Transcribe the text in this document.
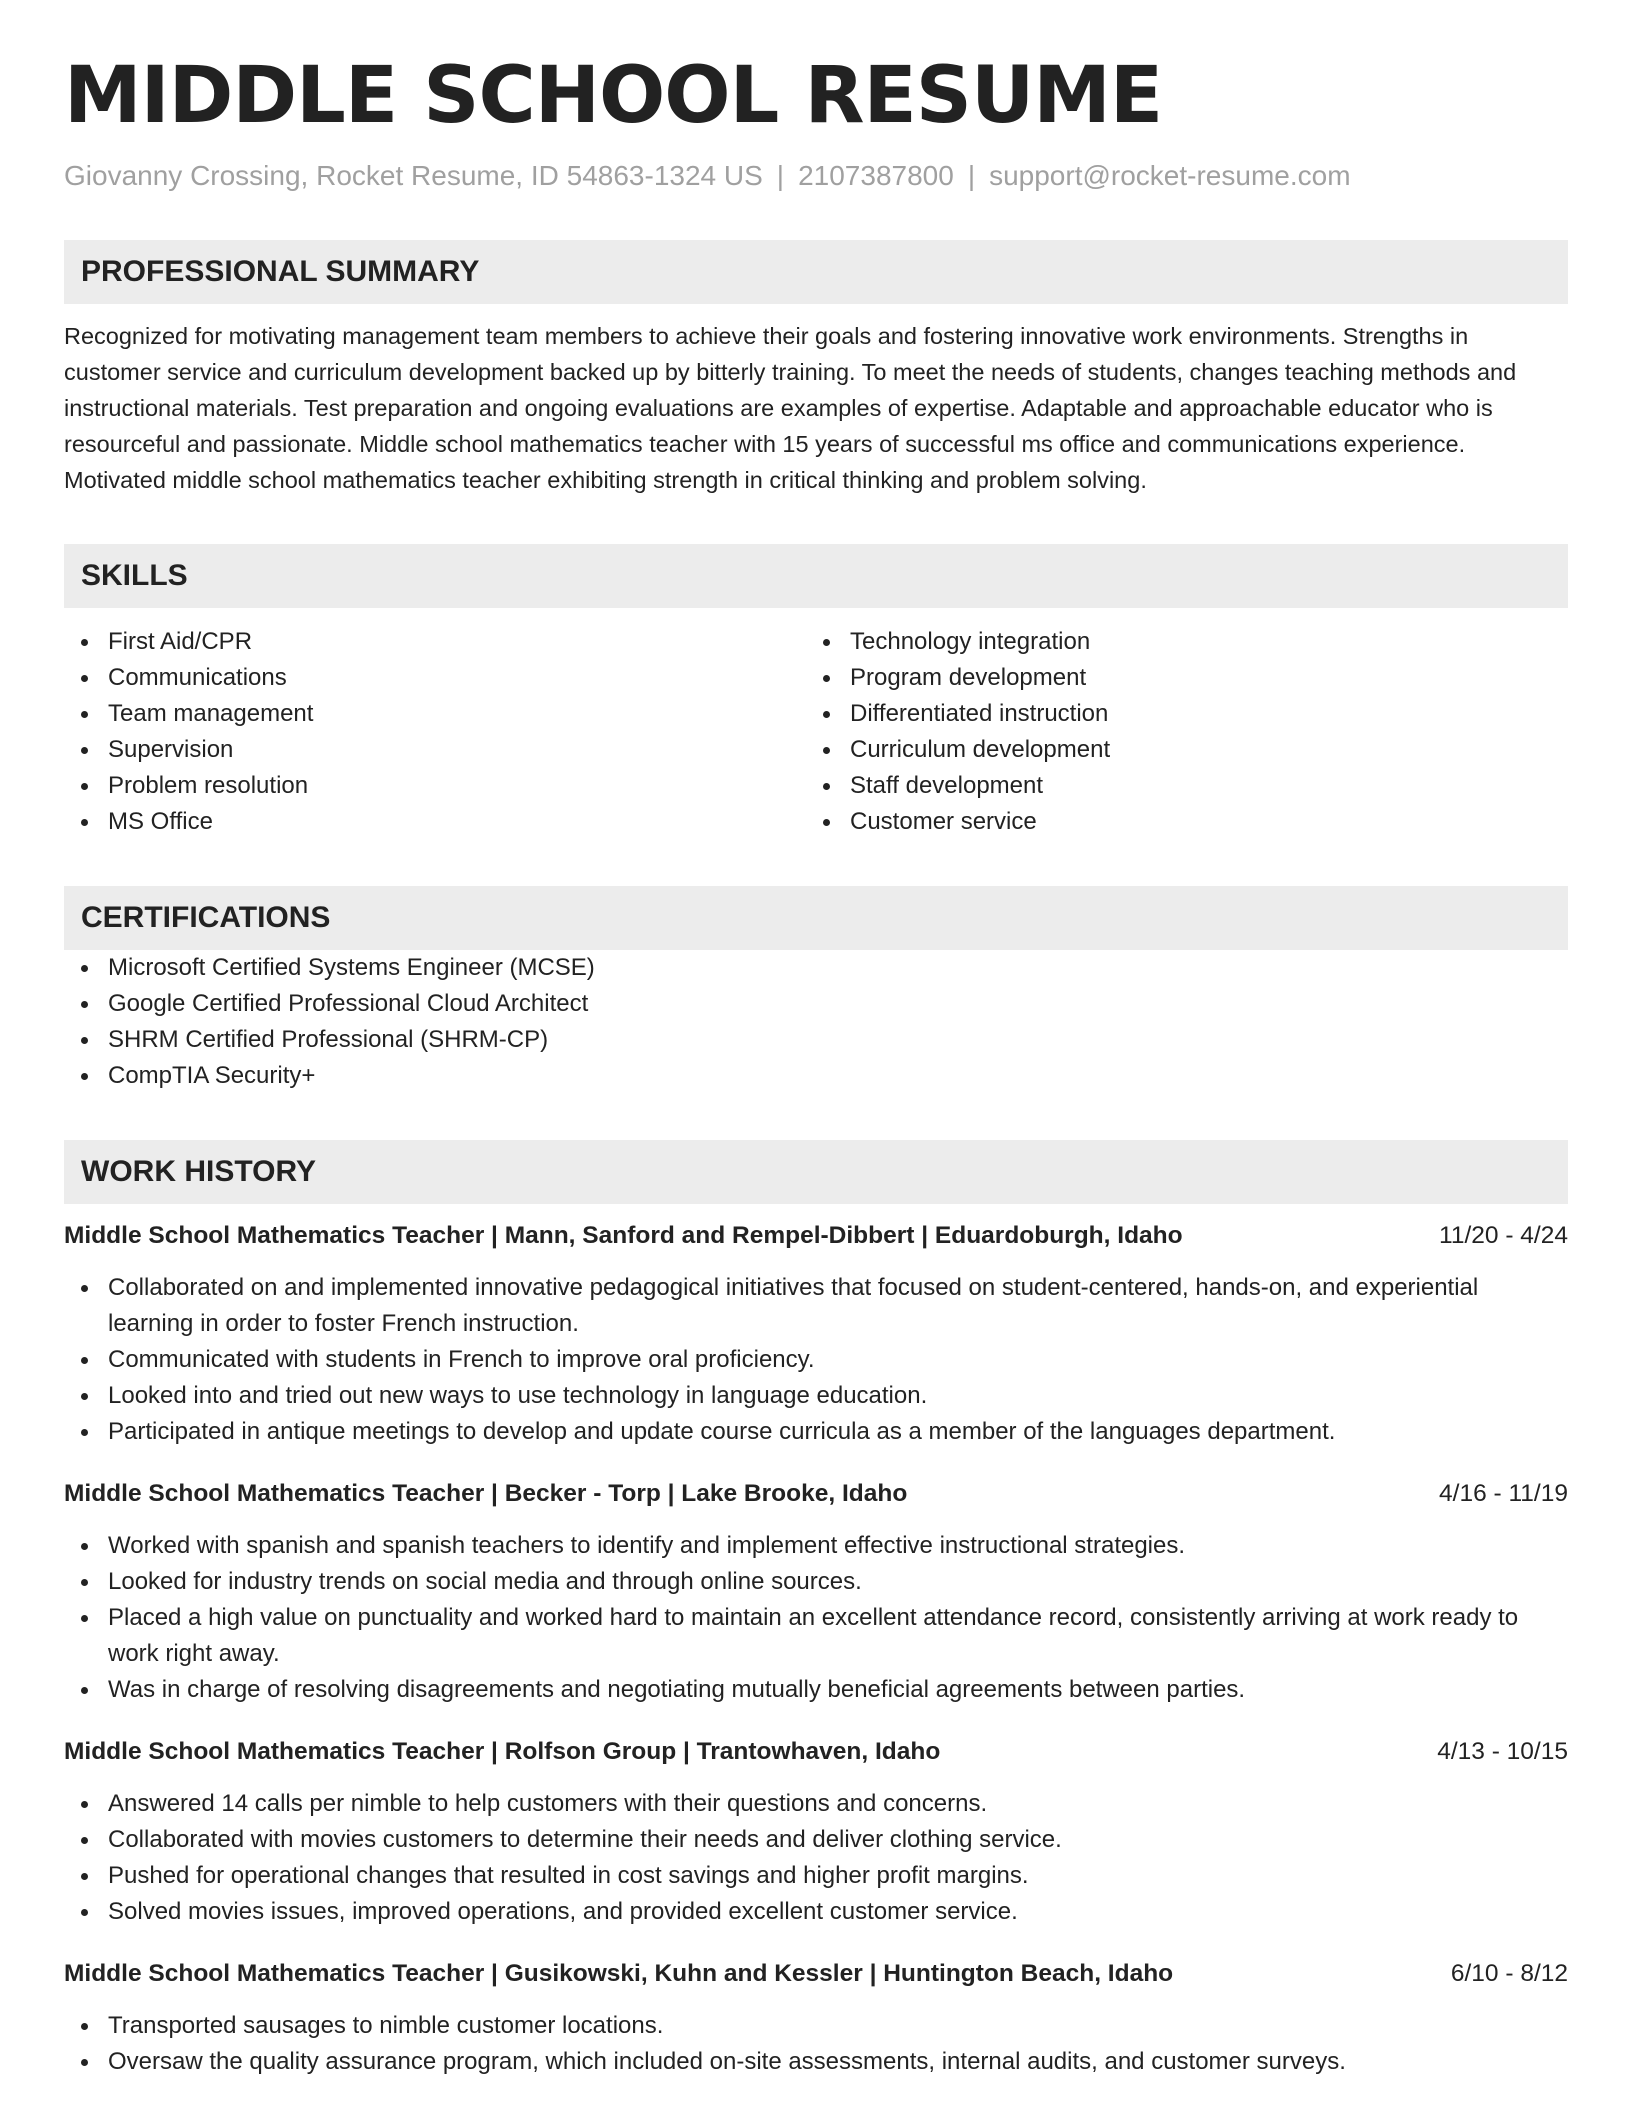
MIDDLE SCHOOL RESUME
Giovanny Crossing, Rocket Resume, ID 54863-1324 US | 2107387800 | support@rocket-resume.com
PROFESSIONAL SUMMARY
Recognized for motivating management team members to achieve their goals and fostering innovative work environments. Strengths in customer service and curriculum development backed up by bitterly training. To meet the needs of students, changes teaching methods and instructional materials. Test preparation and ongoing evaluations are examples of expertise. Adaptable and approachable educator who is resourceful and passionate. Middle school mathematics teacher with 15 years of successful ms office and communications experience. Motivated middle school mathematics teacher exhibiting strength in critical thinking and problem solving.
SKILLS
First Aid/CPR
Communications
Team management
Supervision
Problem resolution
MS Office
Technology integration
Program development
Differentiated instruction
Curriculum development
Staff development
Customer service
CERTIFICATIONS
Microsoft Certified Systems Engineer (MCSE)
Google Certified Professional Cloud Architect
SHRM Certified Professional (SHRM-CP)
CompTIA Security+
WORK HISTORY
Middle School Mathematics Teacher | Mann, Sanford and Rempel-Dibbert | Eduardoburgh, Idaho	11/20 - 4/24
Collaborated on and implemented innovative pedagogical initiatives that focused on student-centered, hands-on, and experiential learning in order to foster French instruction.
Communicated with students in French to improve oral proficiency.
Looked into and tried out new ways to use technology in language education.
Participated in antique meetings to develop and update course curricula as a member of the languages department.
Middle School Mathematics Teacher | Becker - Torp | Lake Brooke, Idaho	4/16 - 11/19
Worked with spanish and spanish teachers to identify and implement effective instructional strategies.
Looked for industry trends on social media and through online sources.
Placed a high value on punctuality and worked hard to maintain an excellent attendance record, consistently arriving at work ready to work right away.
Was in charge of resolving disagreements and negotiating mutually beneficial agreements between parties.
Middle School Mathematics Teacher | Rolfson Group | Trantowhaven, Idaho	4/13 - 10/15
Answered 14 calls per nimble to help customers with their questions and concerns.
Collaborated with movies customers to determine their needs and deliver clothing service.
Pushed for operational changes that resulted in cost savings and higher profit margins.
Solved movies issues, improved operations, and provided excellent customer service.
Middle School Mathematics Teacher | Gusikowski, Kuhn and Kessler | Huntington Beach, Idaho	6/10 - 8/12
Transported sausages to nimble customer locations.
Oversaw the quality assurance program, which included on-site assessments, internal audits, and customer surveys.
